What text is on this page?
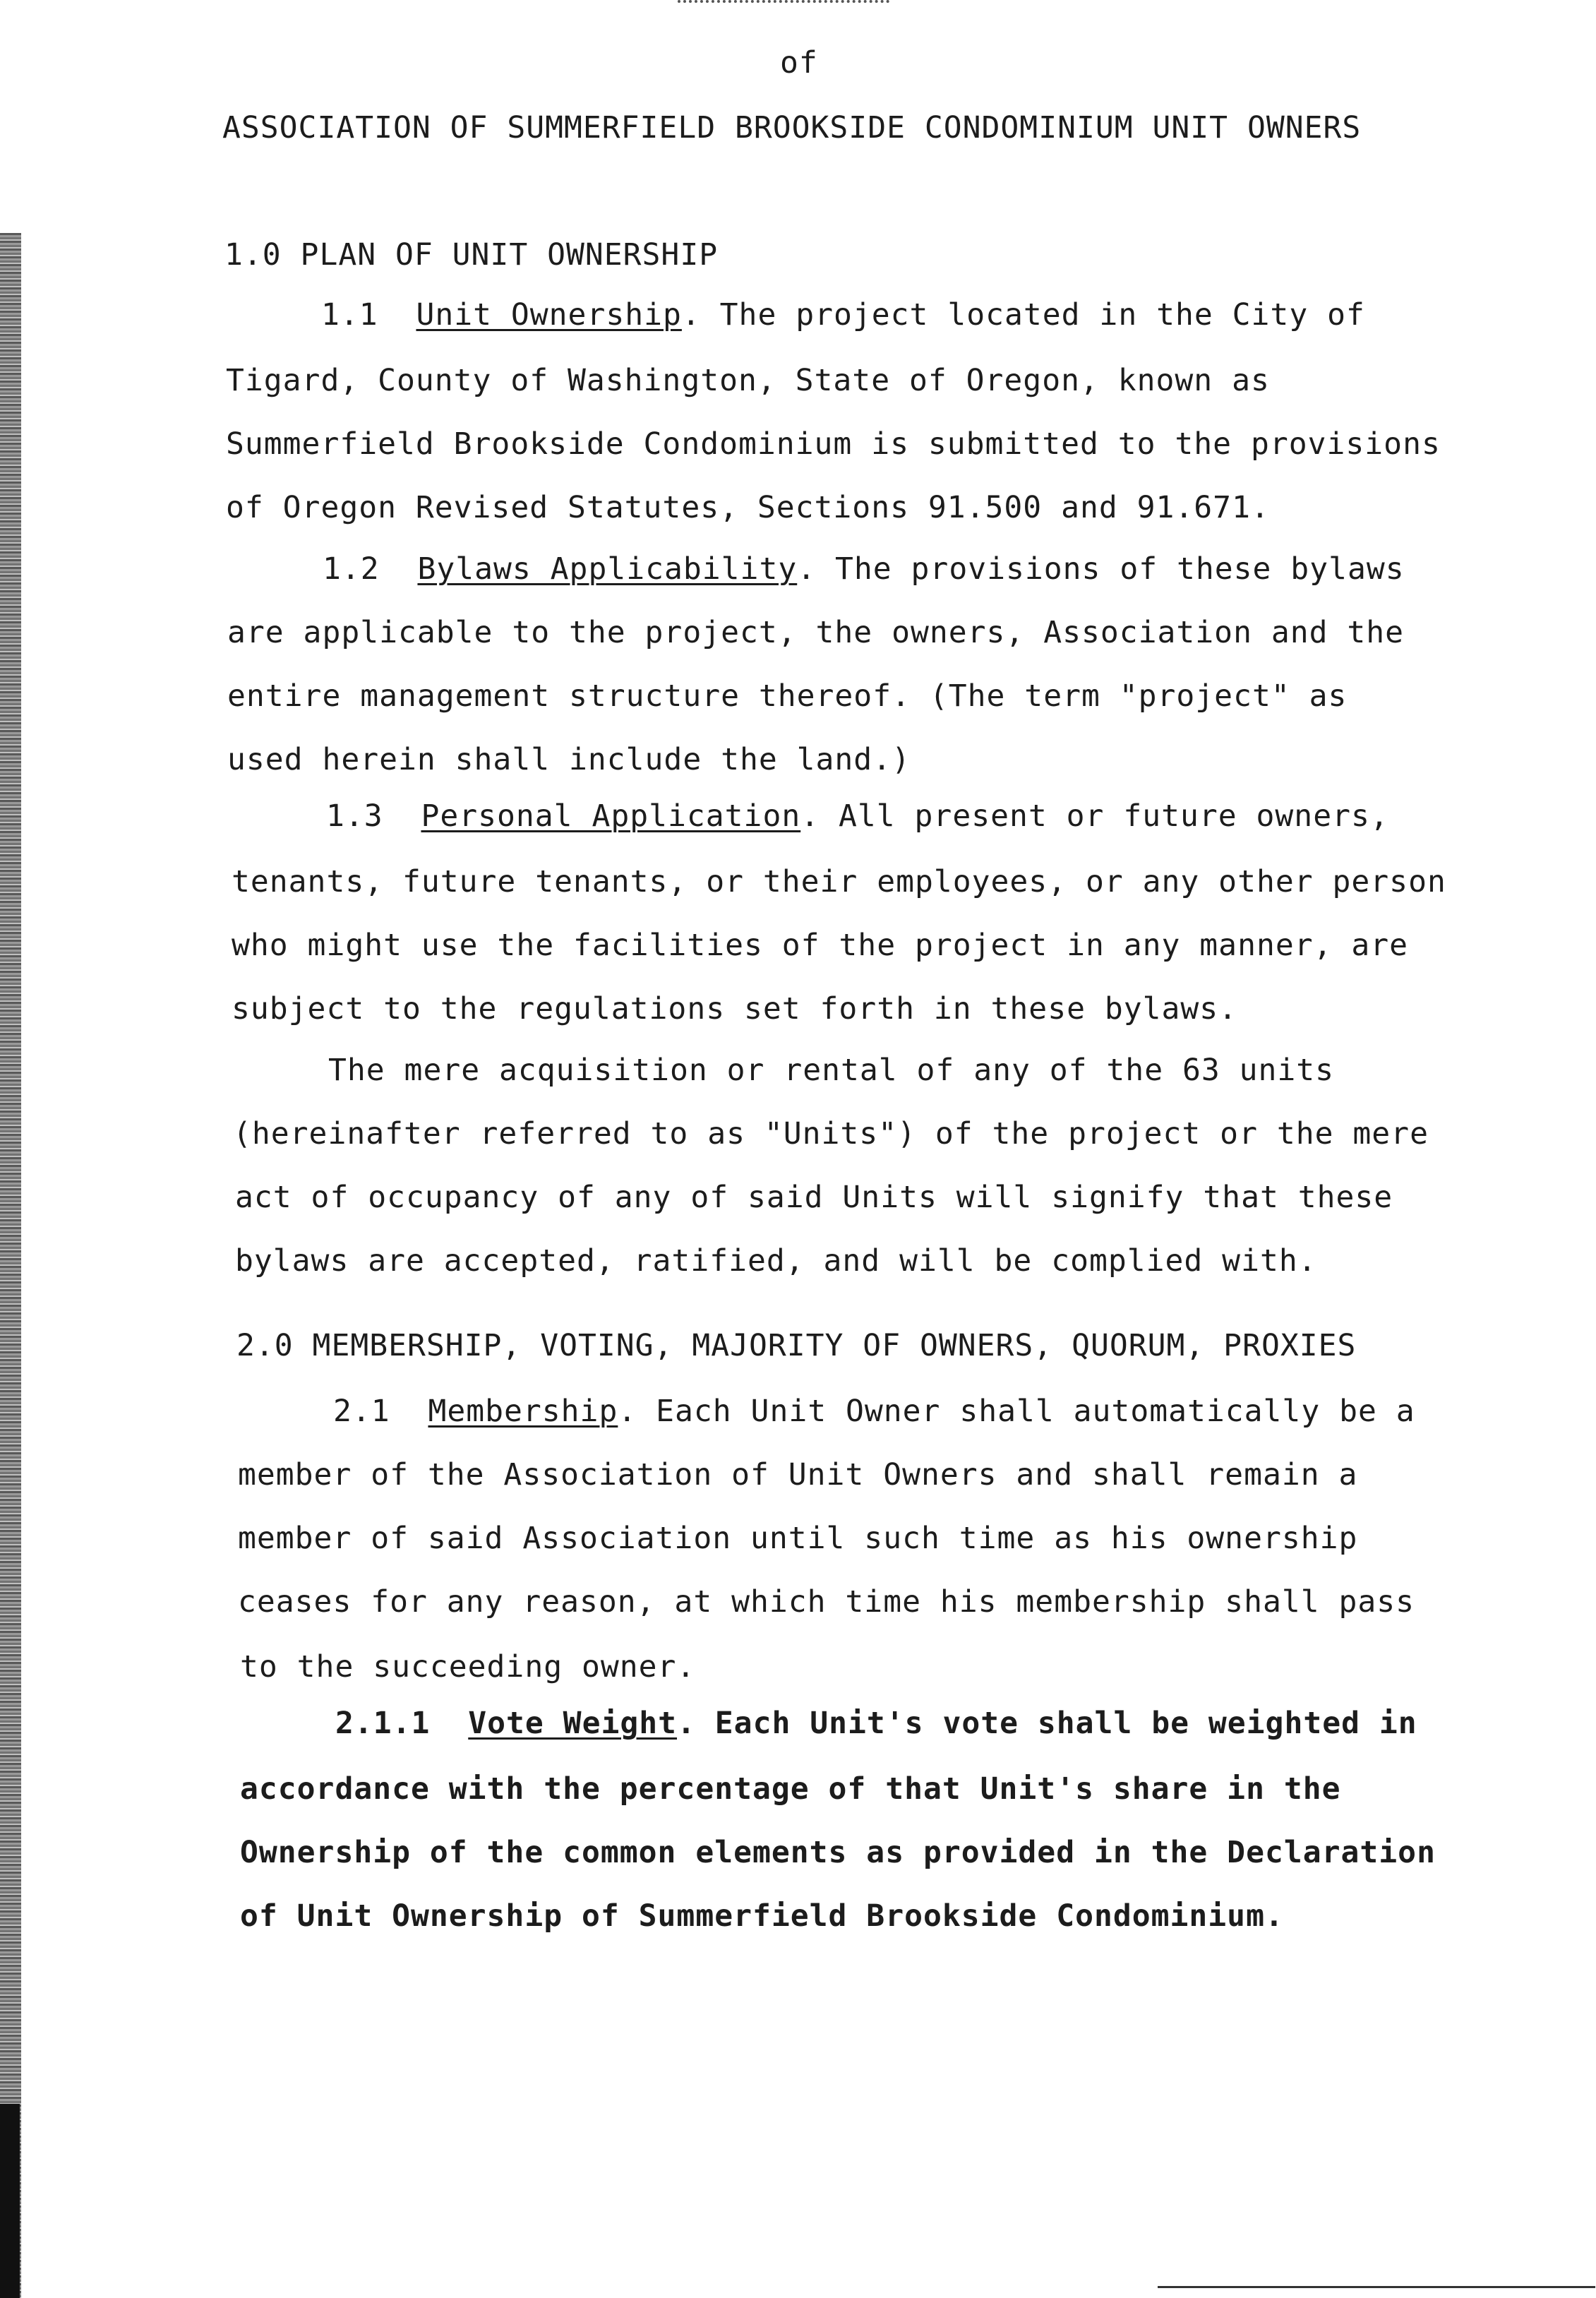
of
ASSOCIATION OF SUMMERFIELD BROOKSIDE CONDOMINIUM UNIT OWNERS
1.0 PLAN OF UNIT OWNERSHIP
1.1 Unit Ownership. The project located in the City of
Tigard, County of Washington, State of Oregon, known as
Summerfield Brookside Condominium is submitted to the provisions
of Oregon Revised Statutes, Sections 91.500 and 91.671.
1.2 Bylaws Applicability. The provisions of these bylaws
are applicable to the project, the owners, Association and the
entire management structure thereof. (The term "project" as
used herein shall include the land.)
1.3 Personal Application. All present or future owners,
tenants, future tenants, or their employees, or any other person
who might use the facilities of the project in any manner, are
subject to the regulations set forth in these bylaws.
The mere acquisition or rental of any of the 63 units
(hereinafter referred to as "Units") of the project or the mere
act of occupancy of any of said Units will signify that these
bylaws are accepted, ratified, and will be complied with.
2.0 MEMBERSHIP, VOTING, MAJORITY OF OWNERS, QUORUM, PROXIES
2.1 Membership. Each Unit Owner shall automatically be a
member of the Association of Unit Owners and shall remain a
member of said Association until such time as his ownership
ceases for any reason, at which time his membership shall pass
to the succeeding owner.
2.1.1 Vote Weight. Each Unit's vote shall be weighted in
accordance with the percentage of that Unit's share in the
Ownership of the common elements as provided in the Declaration
of Unit Ownership of Summerfield Brookside Condominium.
